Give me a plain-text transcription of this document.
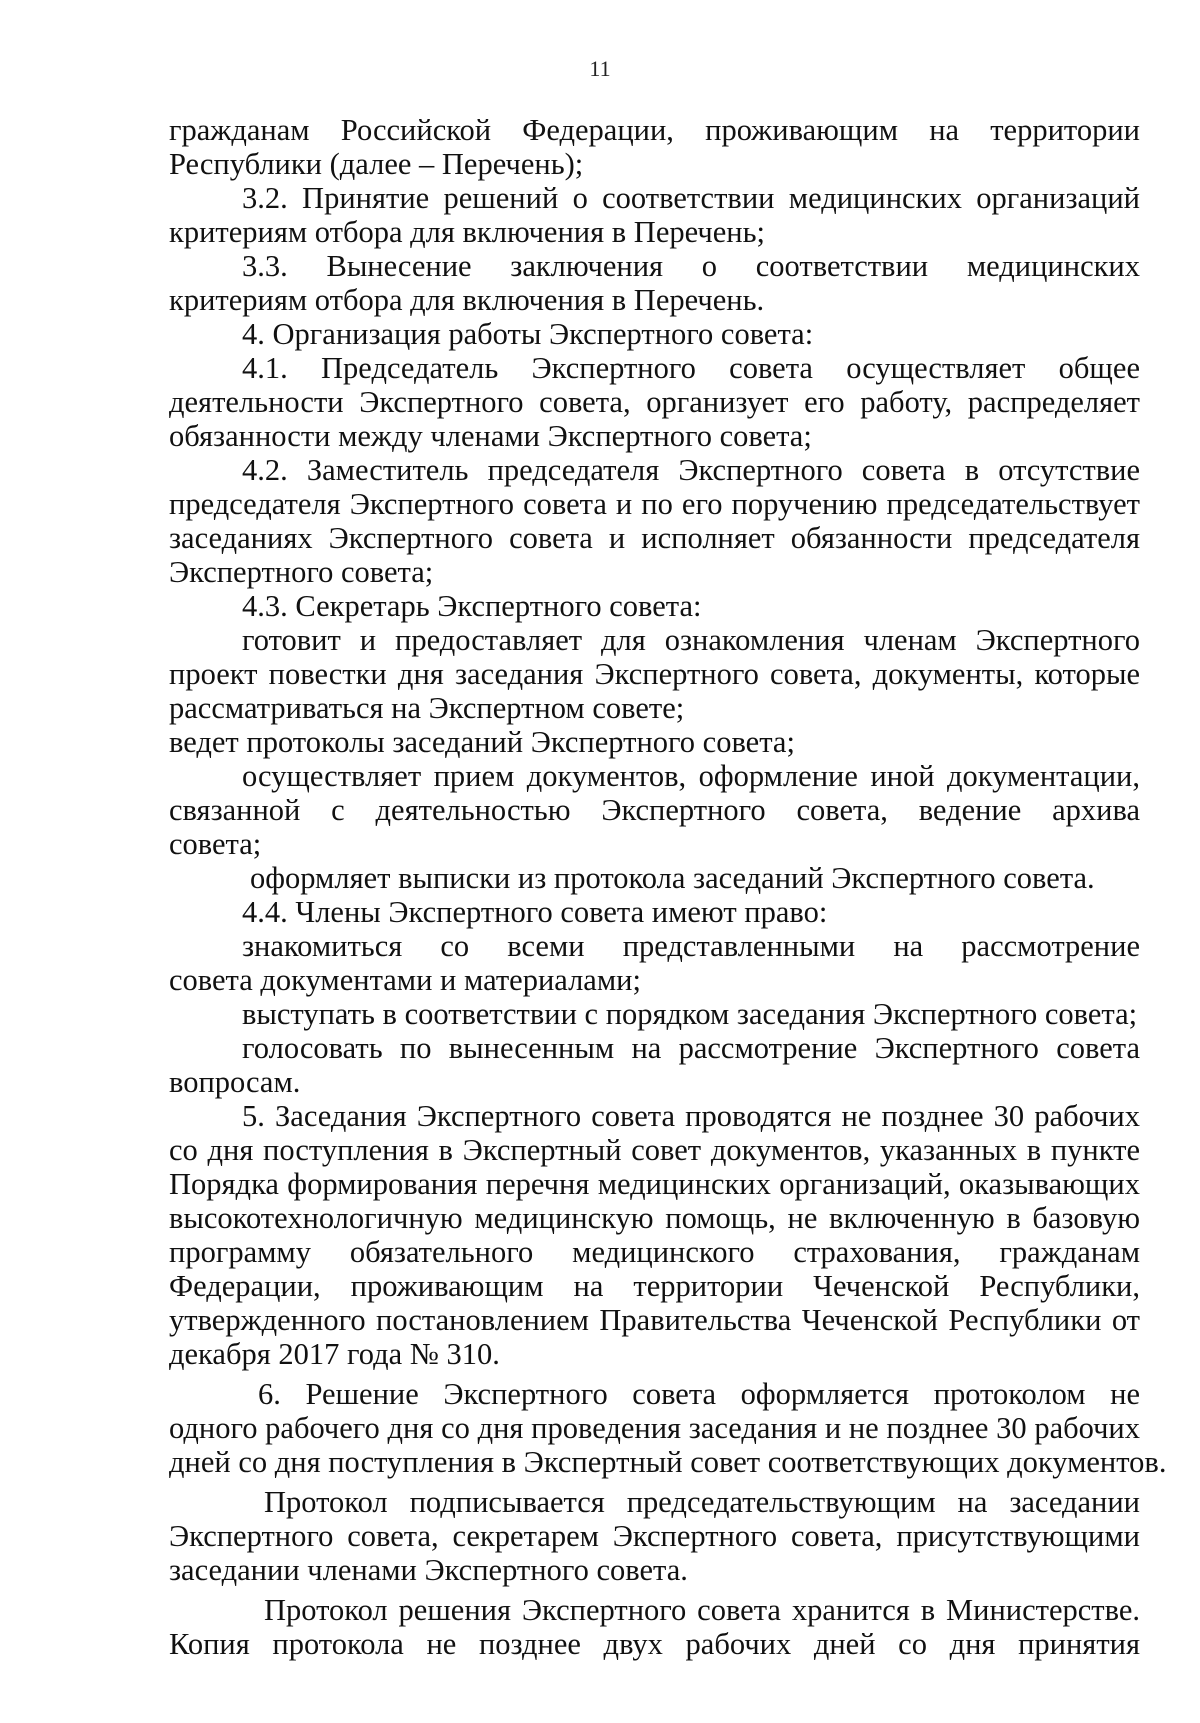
11
гражданам Российской Федерации, проживающим на территории
Республики (далее – Перечень);
3.2. Принятие решений о соответствии медицинских организаций
критериям отбора для включения в Перечень;
3.3. Вынесение заключения о соответствии медицинских
критериям отбора для включения в Перечень.
4. Организация работы Экспертного совета:
4.1. Председатель Экспертного совета осуществляет общее
деятельности Экспертного совета, организует его работу, распределяет
обязанности между членами Экспертного совета;
4.2. Заместитель председателя Экспертного совета в отсутствие
председателя Экспертного совета и по его поручению председательствует
заседаниях Экспертного совета и исполняет обязанности председателя
Экспертного совета;
4.3. Секретарь Экспертного совета:
готовит и предоставляет для ознакомления членам Экспертного
проект повестки дня заседания Экспертного совета, документы, которые
рассматриваться на Экспертном совете;
ведет протоколы заседаний Экспертного совета;
осуществляет прием документов, оформление иной документации,
связанной с деятельностью Экспертного совета, ведение архива
совета;
оформляет выписки из протокола заседаний Экспертного совета.
4.4. Члены Экспертного совета имеют право:
знакомиться со всеми представленными на рассмотрение
совета документами и материалами;
выступать в соответствии с порядком заседания Экспертного совета;
голосовать по вынесенным на рассмотрение Экспертного совета
вопросам.
5. Заседания Экспертного совета проводятся не позднее 30 рабочих
со дня поступления в Экспертный совет документов, указанных в пункте
Порядка формирования перечня медицинских организаций, оказывающих
высокотехнологичную медицинскую помощь, не включенную в базовую
программу обязательного медицинского страхования, гражданам
Федерации, проживающим на территории Чеченской Республики,
утвержденного постановлением Правительства Чеченской Республики от
декабря 2017 года № 310.
6. Решение Экспертного совета оформляется протоколом не
одного рабочего дня со дня проведения заседания и не позднее 30 рабочих
дней со дня поступления в Экспертный совет соответствующих документов.
Протокол подписывается председательствующим на заседании
Экспертного совета, секретарем Экспертного совета, присутствующими
заседании членами Экспертного совета.
Протокол решения Экспертного совета хранится в Министерстве.
Копия протокола не позднее двух рабочих дней со дня принятия
